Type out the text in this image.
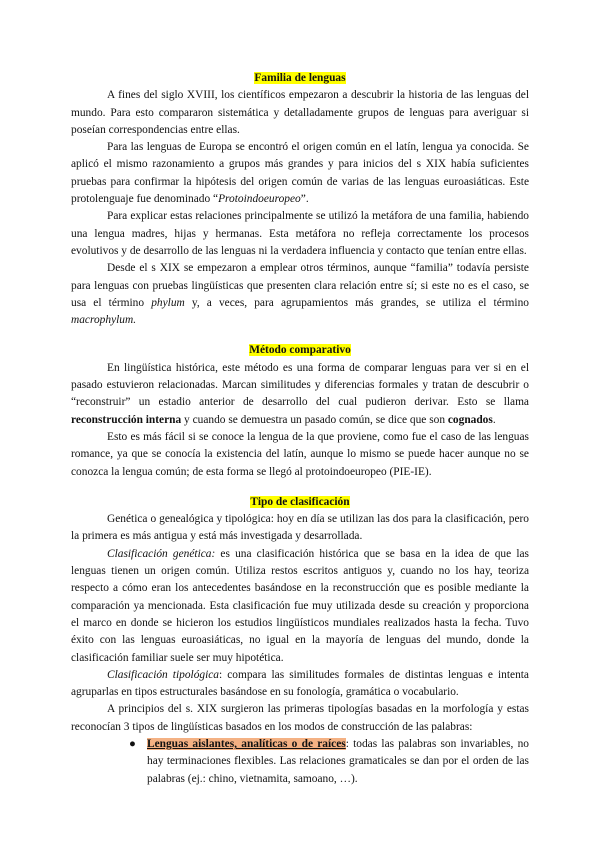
Familia de lenguas

A fines del siglo XVIII, los científicos empezaron a descubrir la historia de las lenguas del mundo. Para esto compararon sistemática y detalladamente grupos de lenguas para averiguar si poseían correspondencias entre ellas.

Para las lenguas de Europa se encontró el origen común en el latín, lengua ya conocida. Se aplicó el mismo razonamiento a grupos más grandes y para inicios del s XIX había suficientes pruebas para confirmar la hipótesis del origen común de varias de las lenguas euroasiáticas. Este protolenguaje fue denominado “Protoindoeuropeo”.

Para explicar estas relaciones principalmente se utilizó la metáfora de una familia, habiendo una lengua madres, hijas y hermanas. Esta metáfora no refleja correctamente los procesos evolutivos y de desarrollo de las lenguas ni la verdadera influencia y contacto que tenían entre ellas.

Desde el s XIX se empezaron a emplear otros términos, aunque “familia” todavía persiste para lenguas con pruebas lingüísticas que presenten clara relación entre sí; si este no es el caso, se usa el término phylum y, a veces, para agrupamientos más grandes, se utiliza el término macrophylum.

Método comparativo

En lingüística histórica, este método es una forma de comparar lenguas para ver si en el pasado estuvieron relacionadas. Marcan similitudes y diferencias formales y tratan de descubrir o “reconstruir” un estadio anterior de desarrollo del cual pudieron derivar. Esto se llama reconstrucción interna y cuando se demuestra un pasado común, se dice que son cognados.

Esto es más fácil si se conoce la lengua de la que proviene, como fue el caso de las lenguas romance, ya que se conocía la existencia del latín, aunque lo mismo se puede hacer aunque no se conozca la lengua común; de esta forma se llegó al protoindoeuropeo (PIE-IE).

Tipo de clasificación

Genética o genealógica y tipológica: hoy en día se utilizan las dos para la clasificación, pero la primera es más antigua y está más investigada y desarrollada.

Clasificación genética: es una clasificación histórica que se basa en la idea de que las lenguas tienen un origen común. Utiliza restos escritos antiguos y, cuando no los hay, teoriza respecto a cómo eran los antecedentes basándose en la reconstrucción que es posible mediante la comparación ya mencionada. Esta clasificación fue muy utilizada desde su creación y proporciona el marco en donde se hicieron los estudios lingüísticos mundiales realizados hasta la fecha. Tuvo éxito con las lenguas euroasiáticas, no igual en la mayoría de lenguas del mundo, donde la clasificación familiar suele ser muy hipotética.

Clasificación tipológica: compara las similitudes formales de distintas lenguas e intenta agruparlas en tipos estructurales basándose en su fonología, gramática o vocabulario.

A principios del s. XIX surgieron las primeras tipologías basadas en la morfología y estas reconocían 3 tipos de lingüísticas basados en los modos de construcción de las palabras:

● Lenguas aislantes, analíticas o de raíces: todas las palabras son invariables, no hay terminaciones flexibles. Las relaciones gramaticales se dan por el orden de las palabras (ej.: chino, vietnamita, samoano, …).
